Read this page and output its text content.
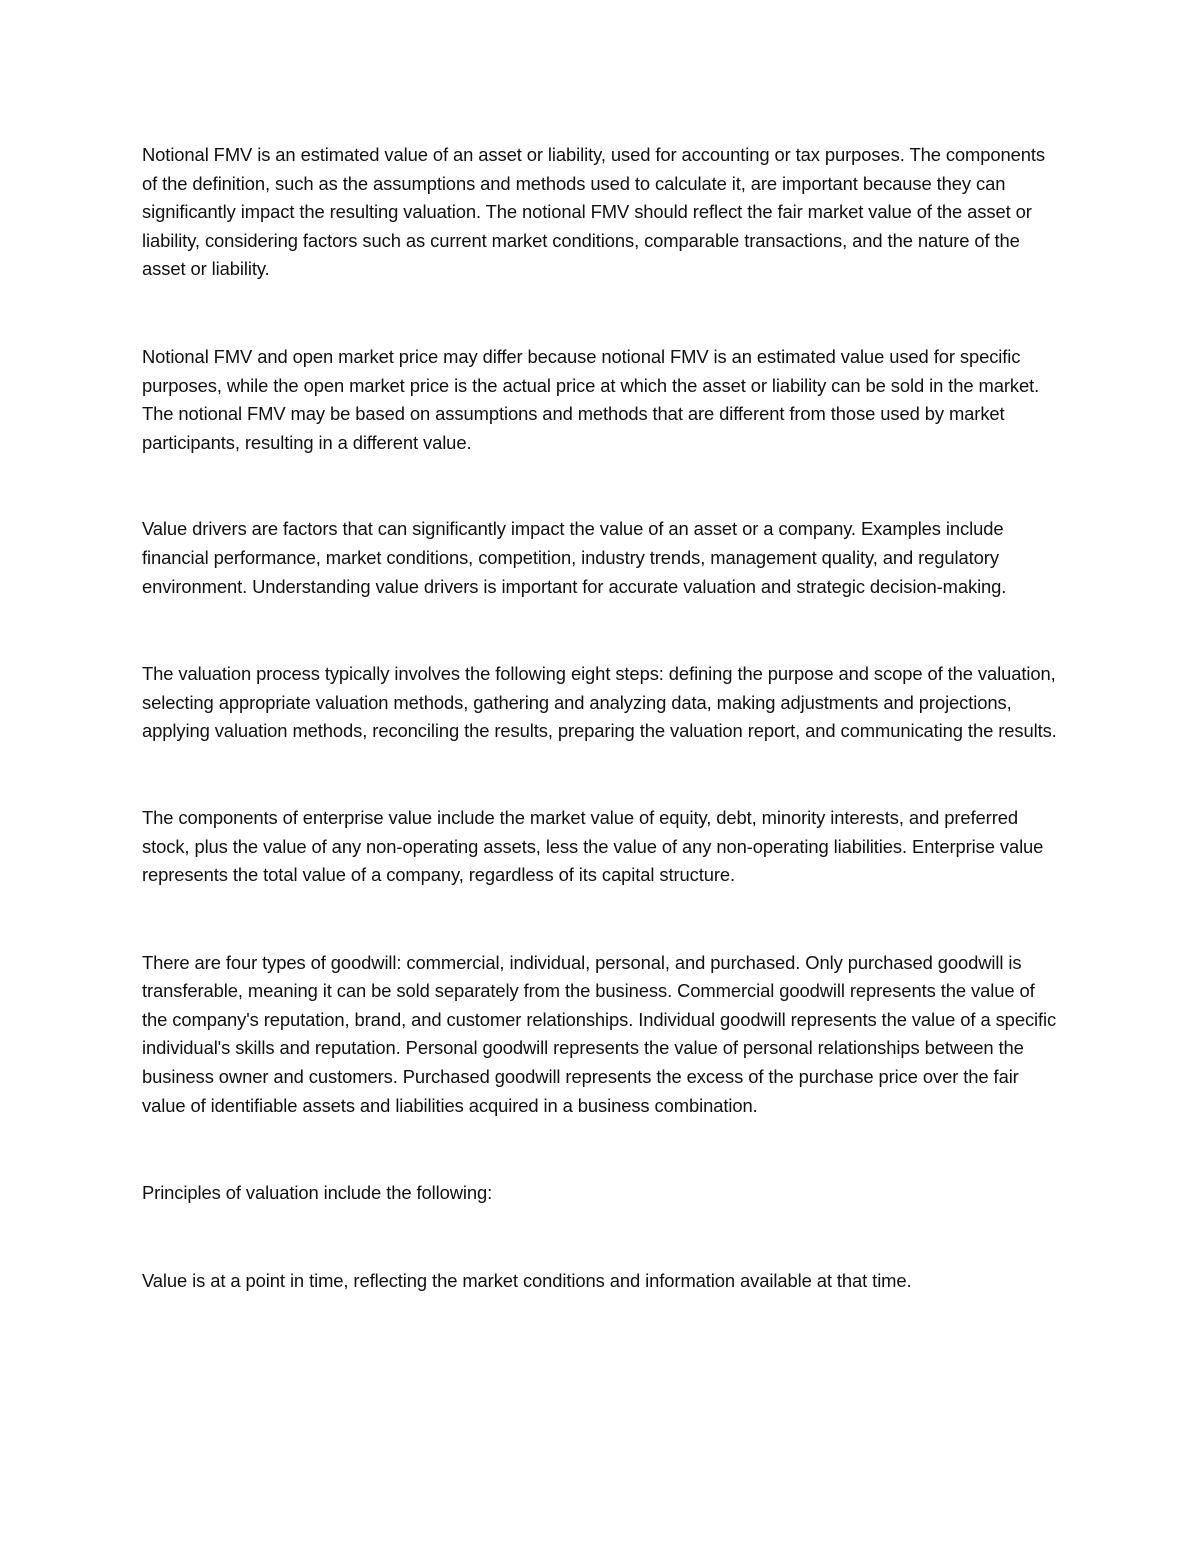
Notional FMV is an estimated value of an asset or liability, used for accounting or tax purposes. The components of the definition, such as the assumptions and methods used to calculate it, are important because they can significantly impact the resulting valuation. The notional FMV should reflect the fair market value of the asset or liability, considering factors such as current market conditions, comparable transactions, and the nature of the asset or liability.

Notional FMV and open market price may differ because notional FMV is an estimated value used for specific purposes, while the open market price is the actual price at which the asset or liability can be sold in the market. The notional FMV may be based on assumptions and methods that are different from those used by market participants, resulting in a different value.

Value drivers are factors that can significantly impact the value of an asset or a company. Examples include financial performance, market conditions, competition, industry trends, management quality, and regulatory environment. Understanding value drivers is important for accurate valuation and strategic decision-making.

The valuation process typically involves the following eight steps: defining the purpose and scope of the valuation, selecting appropriate valuation methods, gathering and analyzing data, making adjustments and projections, applying valuation methods, reconciling the results, preparing the valuation report, and communicating the results.

The components of enterprise value include the market value of equity, debt, minority interests, and preferred stock, plus the value of any non-operating assets, less the value of any non-operating liabilities. Enterprise value represents the total value of a company, regardless of its capital structure.

There are four types of goodwill: commercial, individual, personal, and purchased. Only purchased goodwill is transferable, meaning it can be sold separately from the business. Commercial goodwill represents the value of the company's reputation, brand, and customer relationships. Individual goodwill represents the value of a specific individual's skills and reputation. Personal goodwill represents the value of personal relationships between the business owner and customers. Purchased goodwill represents the excess of the purchase price over the fair value of identifiable assets and liabilities acquired in a business combination.

Principles of valuation include the following:

Value is at a point in time, reflecting the market conditions and information available at that time.
